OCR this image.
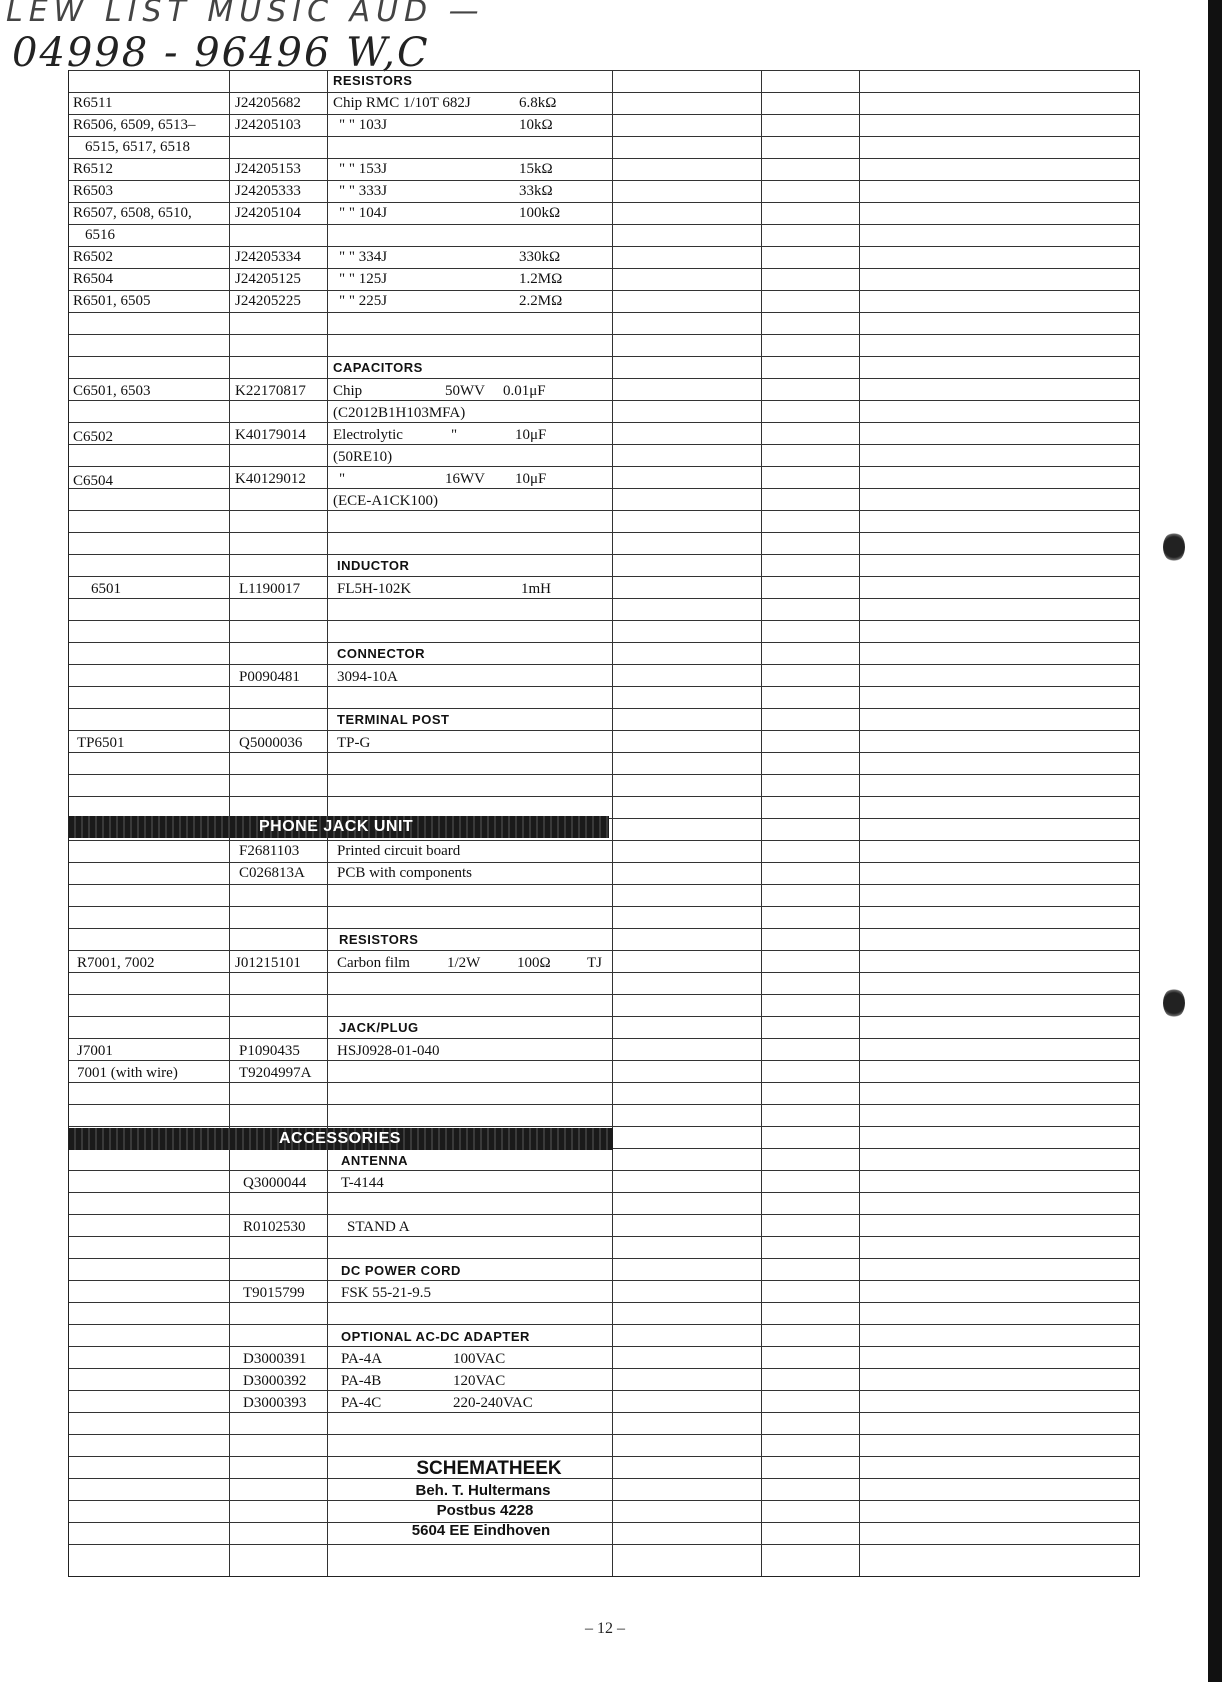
LEW LIST MUSIC AUD —
04998 - 96496 W,C
RESISTORS
R6511	J24205682 Chip RMC 1/10T 682J	6.8kΩ
R6506, 6509, 6513–	J24205103	" " 103J	10kΩ
6515, 6517, 6518
R6512	J24205153	" " 153J	15kΩ
R6503	J24205333	" " 333J	33kΩ
R6507, 6508, 6510,	J24205104	" " 104J	100kΩ
6516
R6502	J24205334	" " 334J	330kΩ
R6504	J24205125	" " 125J	1.2MΩ
R6501, 6505	J24205225	" " 225J	2.2MΩ
CAPACITORS
C6501, 6503	K22170817 Chip	50WV 0.01μF
(C2012B1H103MFA)
C6502	K40179014 Electrolytic	"	10μF
(50RE10)
C6504	K40129012 "	16WV 10μF
(ECE-A1CK100)
INDUCTOR
6501	L1190017 FL5H-102K	1mH
CONNECTOR
P0090481 3094-10A
TERMINAL POST
TP6501	Q5000036 TP-G
PHONE JACK UNIT
F2681103	Printed circuit board
C026813A PCB with components
RESISTORS
R7001, 7002	J01215101 Carbon film 1/2W 100Ω TJ
JACK/PLUG
J7001	P1090435 HSJ0928-01-040
7001 (with wire)	T9204997A
ACCESSORIES
ANTENNA
Q3000044 T-4144
R0102530	STAND A
DC POWER CORD
T9015799 FSK 55-21-9.5
OPTIONAL AC-DC ADAPTER
D3000391 PA-4A	100VAC
D3000392 PA-4B	120VAC
D3000393 PA-4C	220-240VAC
SCHEMATHEEK
Beh. T. Hultermans
Postbus 4228
5604 EE Eindhoven
– 12 –
